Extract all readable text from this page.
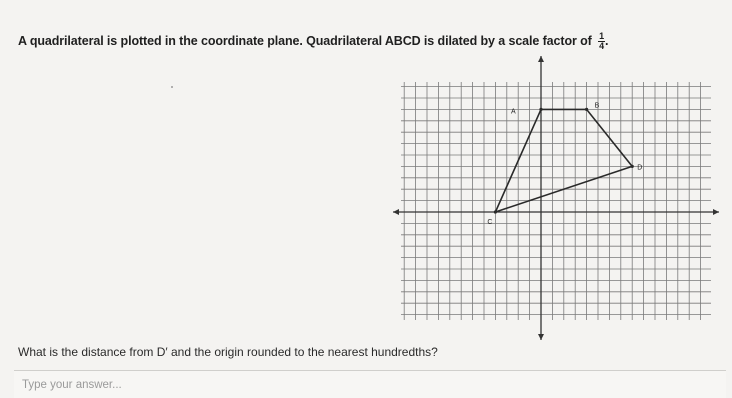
A quadrilateral is plotted in the coordinate plane. Quadrilateral ABCD is dilated by a scale factor of $\frac{1}{4}$ .
A
B
D
C
What is the distance from D′ and the origin rounded to the nearest hundredths?
Type your answer...
